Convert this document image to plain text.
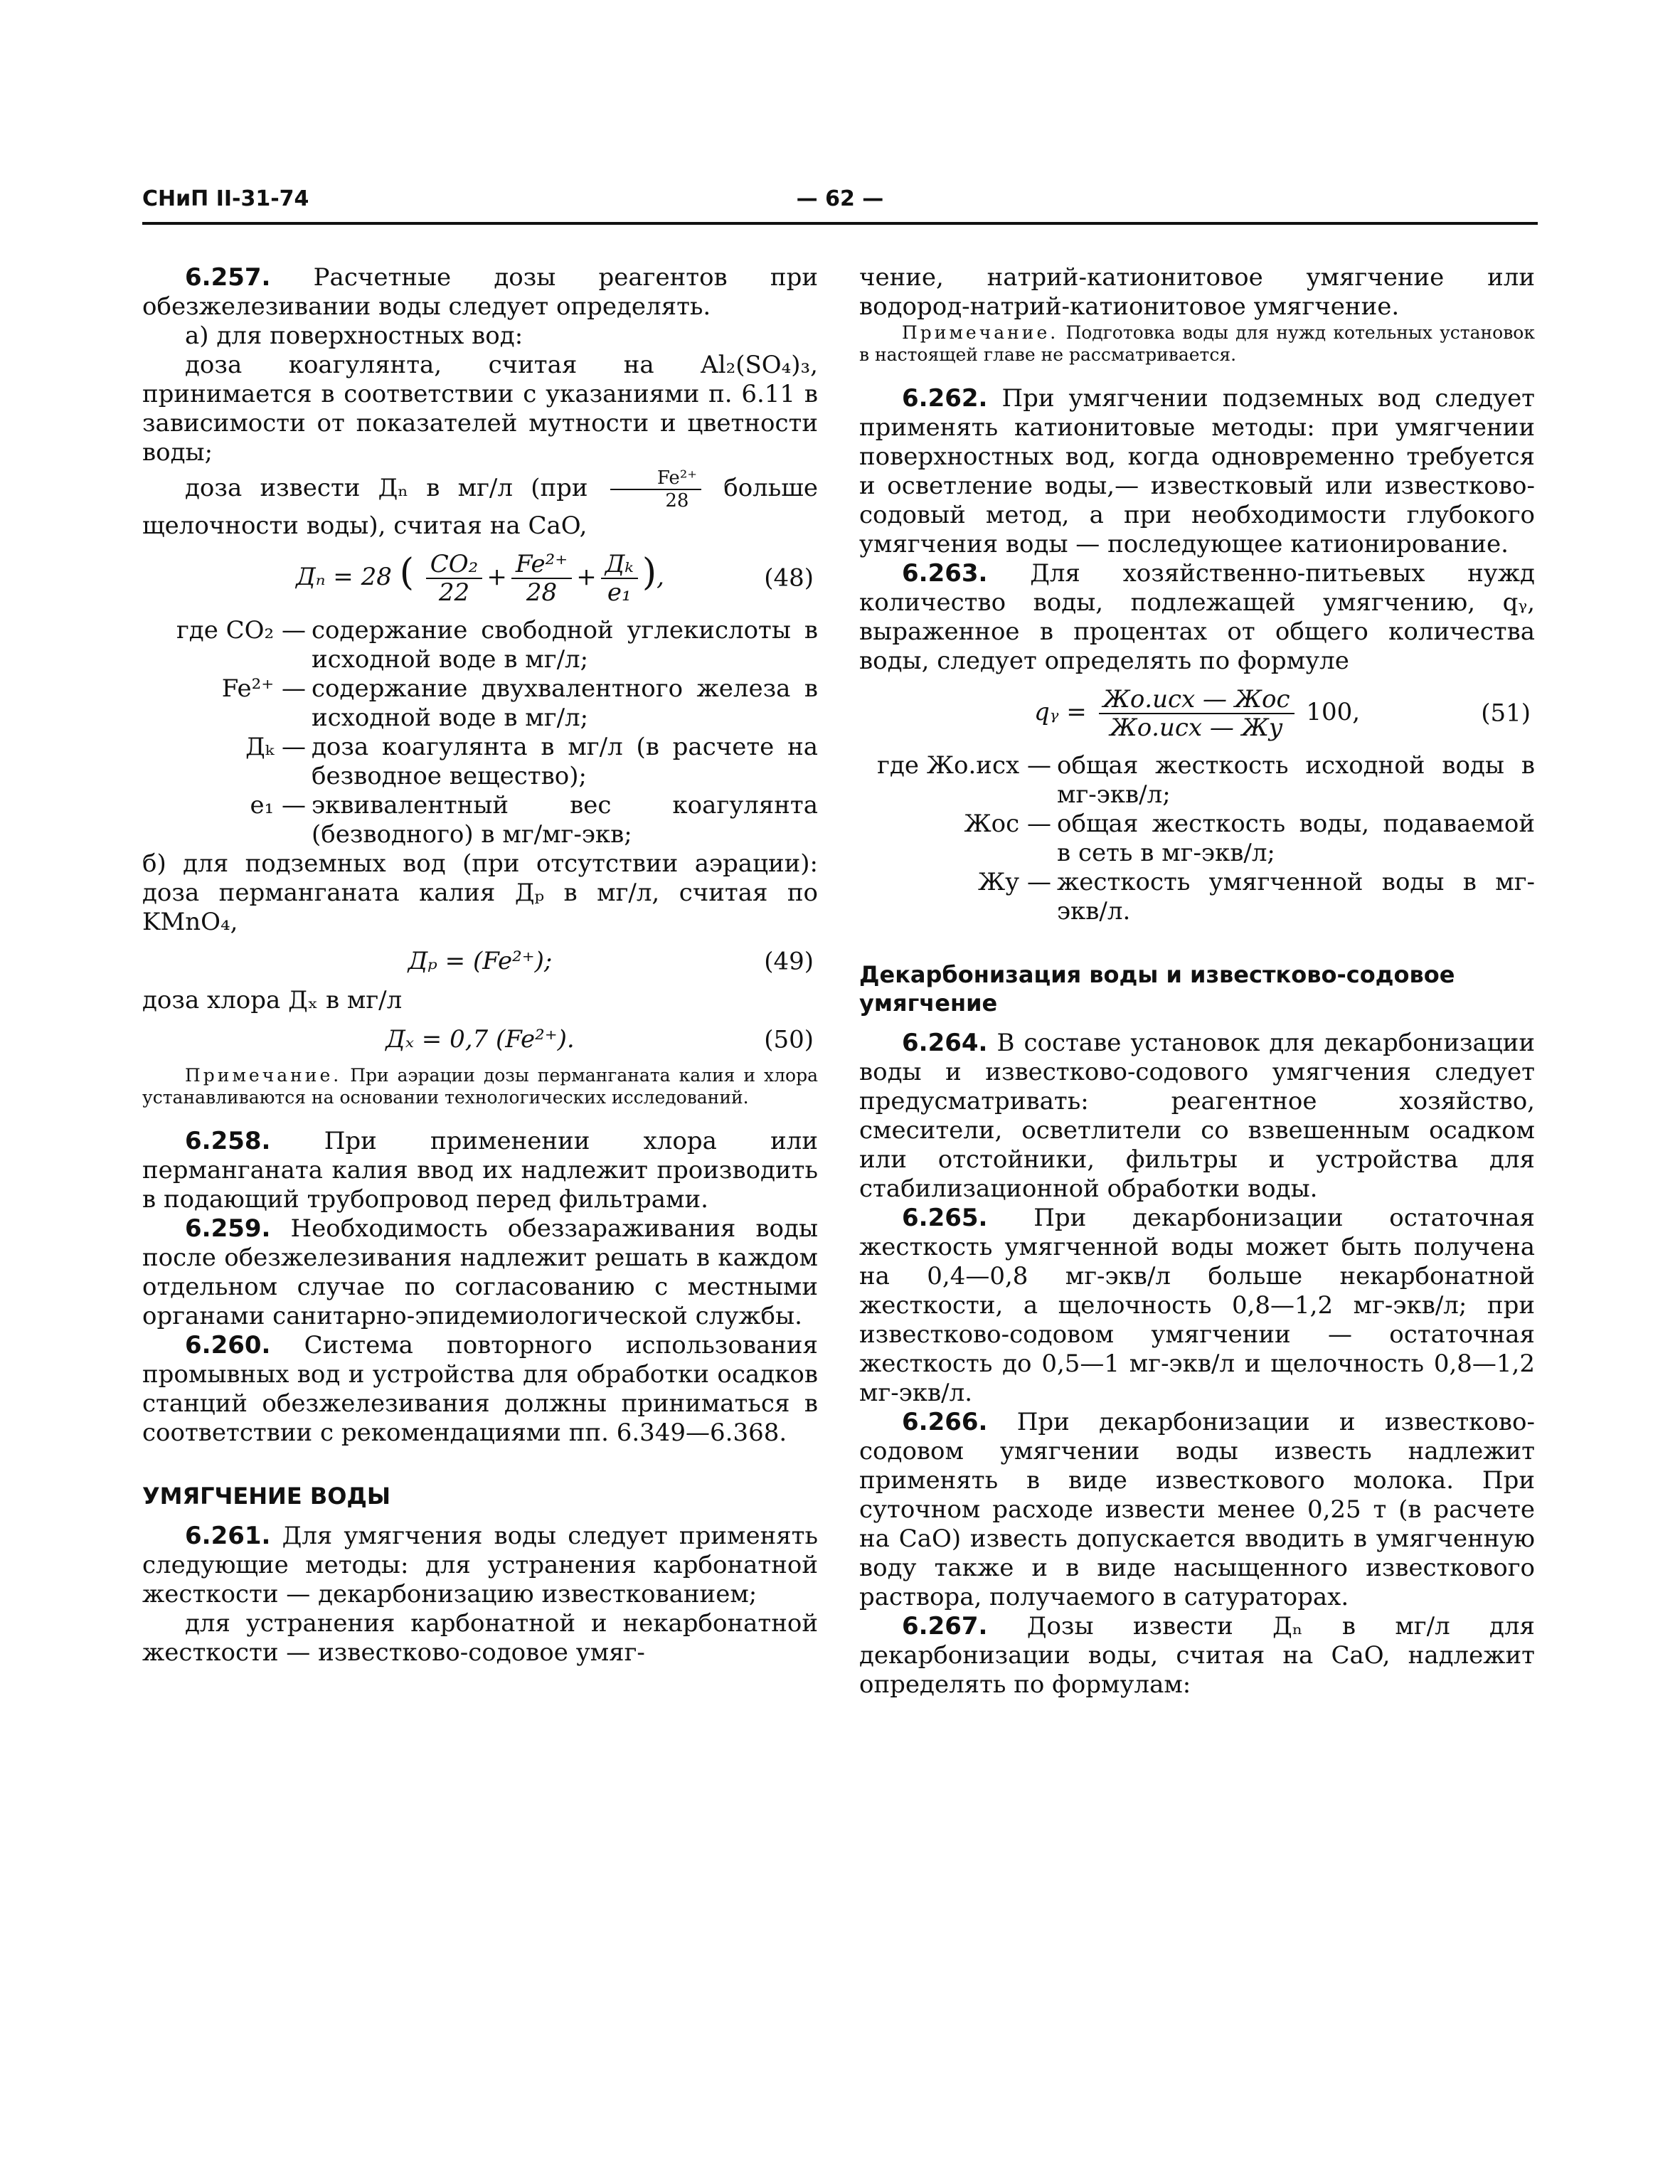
СНиП II-31-74	— 62 —

6.257. Расчетные дозы реагентов при обезжелезивании воды следует определять.

а) для поверхностных вод:

доза коагулянта, считая на Al₂(SO₄)₃, принимается в соответствии с указаниями п. 6.11 в зависимости от показателей мутности и цветности воды;

доза извести Дₙ в мг/л ($при \frac{\text{Fe²⁺}}{28}$ больше щелочности воды), считая на CaO,

Дₙ = 28 ( $\frac{\text{CO₂}}{22} + \frac{\text{Fe²⁺}}{28} + \frac{\text{Дₖ}}{\text{e₁}}$ ),	(48)
где CO₂ — содержание свободной углекислоты в исходной воде в мг/л;
Fe²⁺ — содержание двухвалентного железа в исходной воде в мг/л;
Дₖ — доза коагулянта в мг/л (в расчете на безводное вещество);
e₁ — эквивалентный вес коагулянта (безводного) в мг/мг-экв;

б) для подземных вод (при отсутствии аэрации): доза перманганата калия Дₚ в мг/л, считая по KMnO₄,

Дₚ = (Fe²⁺);	(49)

доза хлора Дₓ в мг/л

Дₓ = 0,7 (Fe²⁺).	(50)

Примечание. При аэрации дозы перманганата калия и хлора устанавливаются на основании технологических исследований.

6.258. При применении хлора или перманганата калия ввод их надлежит производить в подающий трубопровод перед фильтрами.

6.259. Необходимость обеззараживания воды после обезжелезивания надлежит решать в каждом отдельном случае по согласованию с местными органами санитарно-эпидемиологической службы.

6.260. Система повторного использования промывных вод и устройства для обработки осадков станций обезжелезивания должны приниматься в соответствии с рекомендациями пп. 6.349—6.368.

УМЯГЧЕНИЕ ВОДЫ

6.261. Для умягчения воды следует применять следующие методы: для устранения карбонатной жесткости — декарбонизацию известкованием;

для устранения карбонатной и некарбонатной жесткости — известково-содовое умяг-

чение, натрий-катионитовое умягчение или водород-натрий-катионитовое умягчение.

Примечание. Подготовка воды для нужд котельных установок в настоящей главе не рассматривается.

6.262. При умягчении подземных вод следует применять катионитовые методы: при умягчении поверхностных вод, когда одновременно требуется и осветление воды,— известковый или известково-содовый метод, а при необходимости глубокого умягчения воды — последующее катионирование.

6.263. Для хозяйственно-питьевых нужд количество воды, подлежащей умягчению, qᵧ, выраженное в процентах от общего количества воды, следует определять по формуле

qᵧ = $\frac{\text{Жо.исх — Жос}}{\text{Жо.исх — Жу}} 100$,	(51)
где Жо.исх — общая жесткость исходной воды в мг-экв/л;
Жос — общая жесткость воды, подаваемой в сеть в мг-экв/л;
Жу — жесткость умягченной воды в мг-экв/л.
Декарбонизация воды и известково-содовое умягчение

6.264. В составе установок для декарбонизации воды и известково-содового умягчения следует предусматривать: реагентное хозяйство, смесители, осветлители со взвешенным осадком или отстойники, фильтры и устройства для стабилизационной обработки воды.

6.265. При декарбонизации остаточная жесткость умягченной воды может быть получена на 0,4—0,8 мг-экв/л больше некарбонатной жесткости, а щелочность 0,8—1,2 мг-экв/л; при известково-содовом умягчении — остаточная жесткость до 0,5—1 мг-экв/л и щелочность 0,8—1,2 мг-экв/л.

6.266. При декарбонизации и известково-содовом умягчении воды известь надлежит применять в виде известкового молока. При суточном расходе извести менее 0,25 т (в расчете на CaO) известь допускается вводить в умягченную воду также и в виде насыщенного известкового раствора, получаемого в сатураторах.

6.267. Дозы извести Дₙ в мг/л для декарбонизации воды, считая на CaO, надлежит определять по формулам:
